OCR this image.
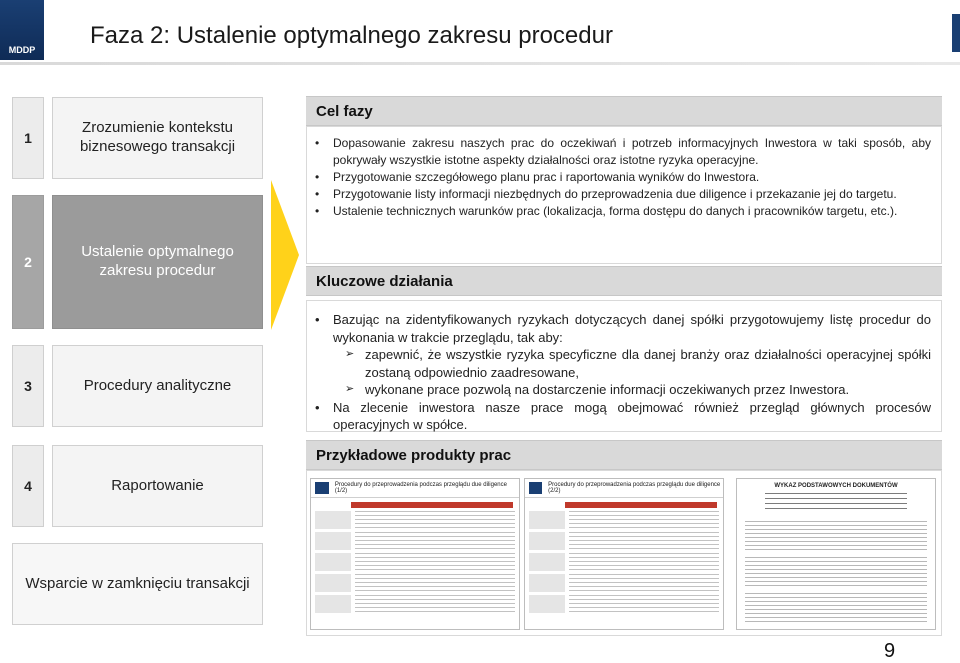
MDDP
Faza 2: Ustalenie optymalnego zakresu procedur
1
Zrozumienie kontekstu biznesowego transakcji
2
Ustalenie optymalnego zakresu procedur
3	Procedury analityczne
4	Raportowanie
Wsparcie w zamknięciu transakcji
Cel fazy
• Dopasowanie zakresu naszych prac do oczekiwań i potrzeb informacyjnych Inwestora w taki sposób, aby pokrywały wszystkie istotne aspekty działalności oraz istotne ryzyka operacyjne.
• Przygotowanie szczegółowego planu prac i raportowania wyników do Inwestora.
• Przygotowanie listy informacji niezbędnych do przeprowadzenia due diligence i przekazanie jej do targetu.
• Ustalenie technicznych warunków prac (lokalizacja, forma dostępu do danych i pracowników targetu, etc.).
Kluczowe działania
• Bazując na zidentyfikowanych ryzykach dotyczących danej spółki przygotowujemy listę procedur do wykonania w trakcie przeglądu, tak aby:
➢ zapewnić, że wszystkie ryzyka specyficzne dla danej branży oraz działalności operacyjnej spółki zostaną odpowiednio zaadresowane,
➢ wykonane prace pozwolą na dostarczenie informacji oczekiwanych przez Inwestora.
• Na zlecenie inwestora nasze prace mogą obejmować również przegląd głównych procesów operacyjnych w spółce.
Przykładowe produkty prac
Procedury do przeprowadzenia podczas przeglądu due diligence (1/2)
Procedury do przeprowadzenia podczas przeglądu due diligence (2/2)
WYKAZ PODSTAWOWYCH DOKUMENTÓW
9
